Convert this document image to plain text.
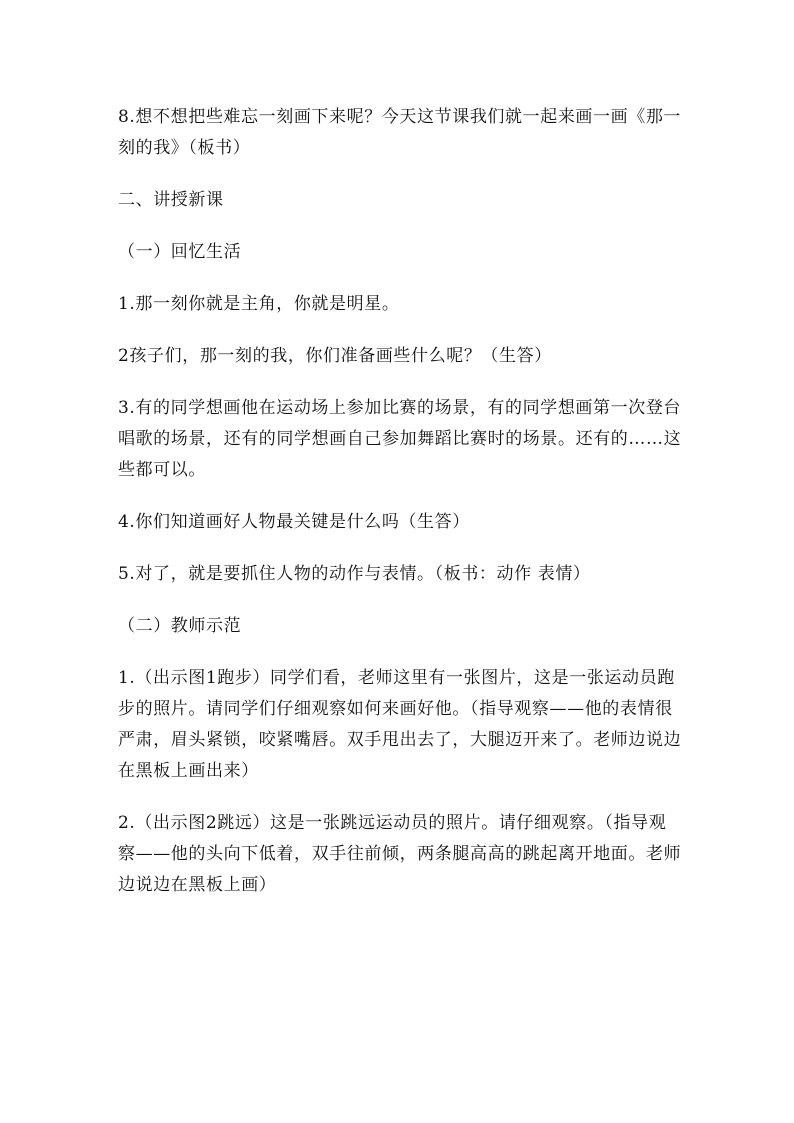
8.想不想把些难忘一刻画下来呢？今天这节课我们就一起来画一画《那一刻的我》（板书）

二、讲授新课

（一）回忆生活

1.那一刻你就是主角，你就是明星。

2孩子们，那一刻的我，你们准备画些什么呢？（生答）

3.有的同学想画他在运动场上参加比赛的场景，有的同学想画第一次登台唱歌的场景，还有的同学想画自己参加舞蹈比赛时的场景。还有的……这些都可以。

4.你们知道画好人物最关键是什么吗（生答）

5.对了，就是要抓住人物的动作与表情。（板书：动作 表情）

（二）教师示范

1.（出示图1跑步）同学们看，老师这里有一张图片，这是一张运动员跑步的照片。请同学们仔细观察如何来画好他。（指导观察——他的表情很严肃，眉头紧锁，咬紧嘴唇。双手甩出去了，大腿迈开来了。老师边说边在黑板上画出来）

2.（出示图2跳远）这是一张跳远运动员的照片。请仔细观察。（指导观察——他的头向下低着，双手往前倾，两条腿高高的跳起离开地面。老师边说边在黑板上画）
